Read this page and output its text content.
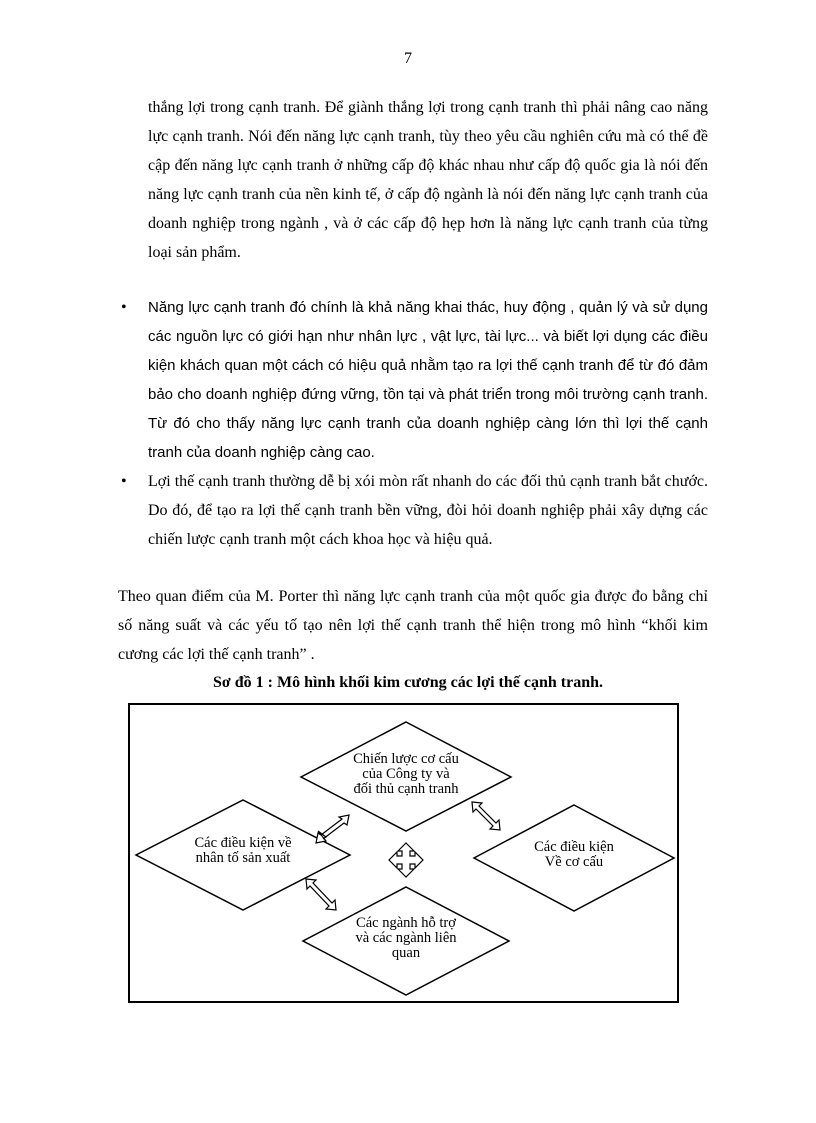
7

thắng lợi trong cạnh tranh. Để giành thắng lợi trong cạnh tranh thì phải nâng cao năng lực cạnh tranh. Nói đến năng lực cạnh tranh, tùy theo yêu cầu nghiên cứu mà có thể đề cập đến năng lực cạnh tranh ở những cấp độ khác nhau như cấp độ quốc gia là nói đến năng lực cạnh tranh của nền kinh tế, ở cấp độ ngành là nói đến năng lực cạnh tranh của doanh nghiệp trong ngành , và ở các cấp độ hẹp hơn là năng lực cạnh tranh của từng loại sản phẩm.

• Năng lực cạnh tranh đó chính là khả năng khai thác, huy động , quản lý và sử dụng các nguồn lực có giới hạn như nhân lực , vật lực, tài lực... và biết lợi dụng các điều kiện khách quan một cách có hiệu quả nhằm tạo ra lợi thế cạnh tranh để từ đó đảm bảo cho doanh nghiệp đứng vững, tồn tại và phát triển trong môi trường cạnh tranh. Từ đó cho thấy năng lực cạnh tranh của doanh nghiệp càng lớn thì lợi thế cạnh tranh của doanh nghiệp càng cao.
• Lợi thế cạnh tranh thường dễ bị xói mòn rất nhanh do các đối thủ cạnh tranh bắt chước. Do đó, để tạo ra lợi thế cạnh tranh bền vững, đòi hỏi doanh nghiệp phải xây dựng các chiến lược cạnh tranh một cách khoa học và hiệu quả.

Theo quan điểm của M. Porter thì năng lực cạnh tranh của một quốc gia được đo bằng chỉ số năng suất và các yếu tố tạo nên lợi thế cạnh tranh thể hiện trong mô hình “khối kim cương các lợi thế cạnh tranh” .

Sơ đồ 1 : Mô hình khối kim cương các lợi thế cạnh tranh.
Chiến lược cơ cấu
của Công ty và
đối thủ cạnh tranh
Các điều kiện về
nhân tố sản xuất
Các điều kiện
Về cơ cấu
Các ngành hỗ trợ
và các ngành liên
quan
